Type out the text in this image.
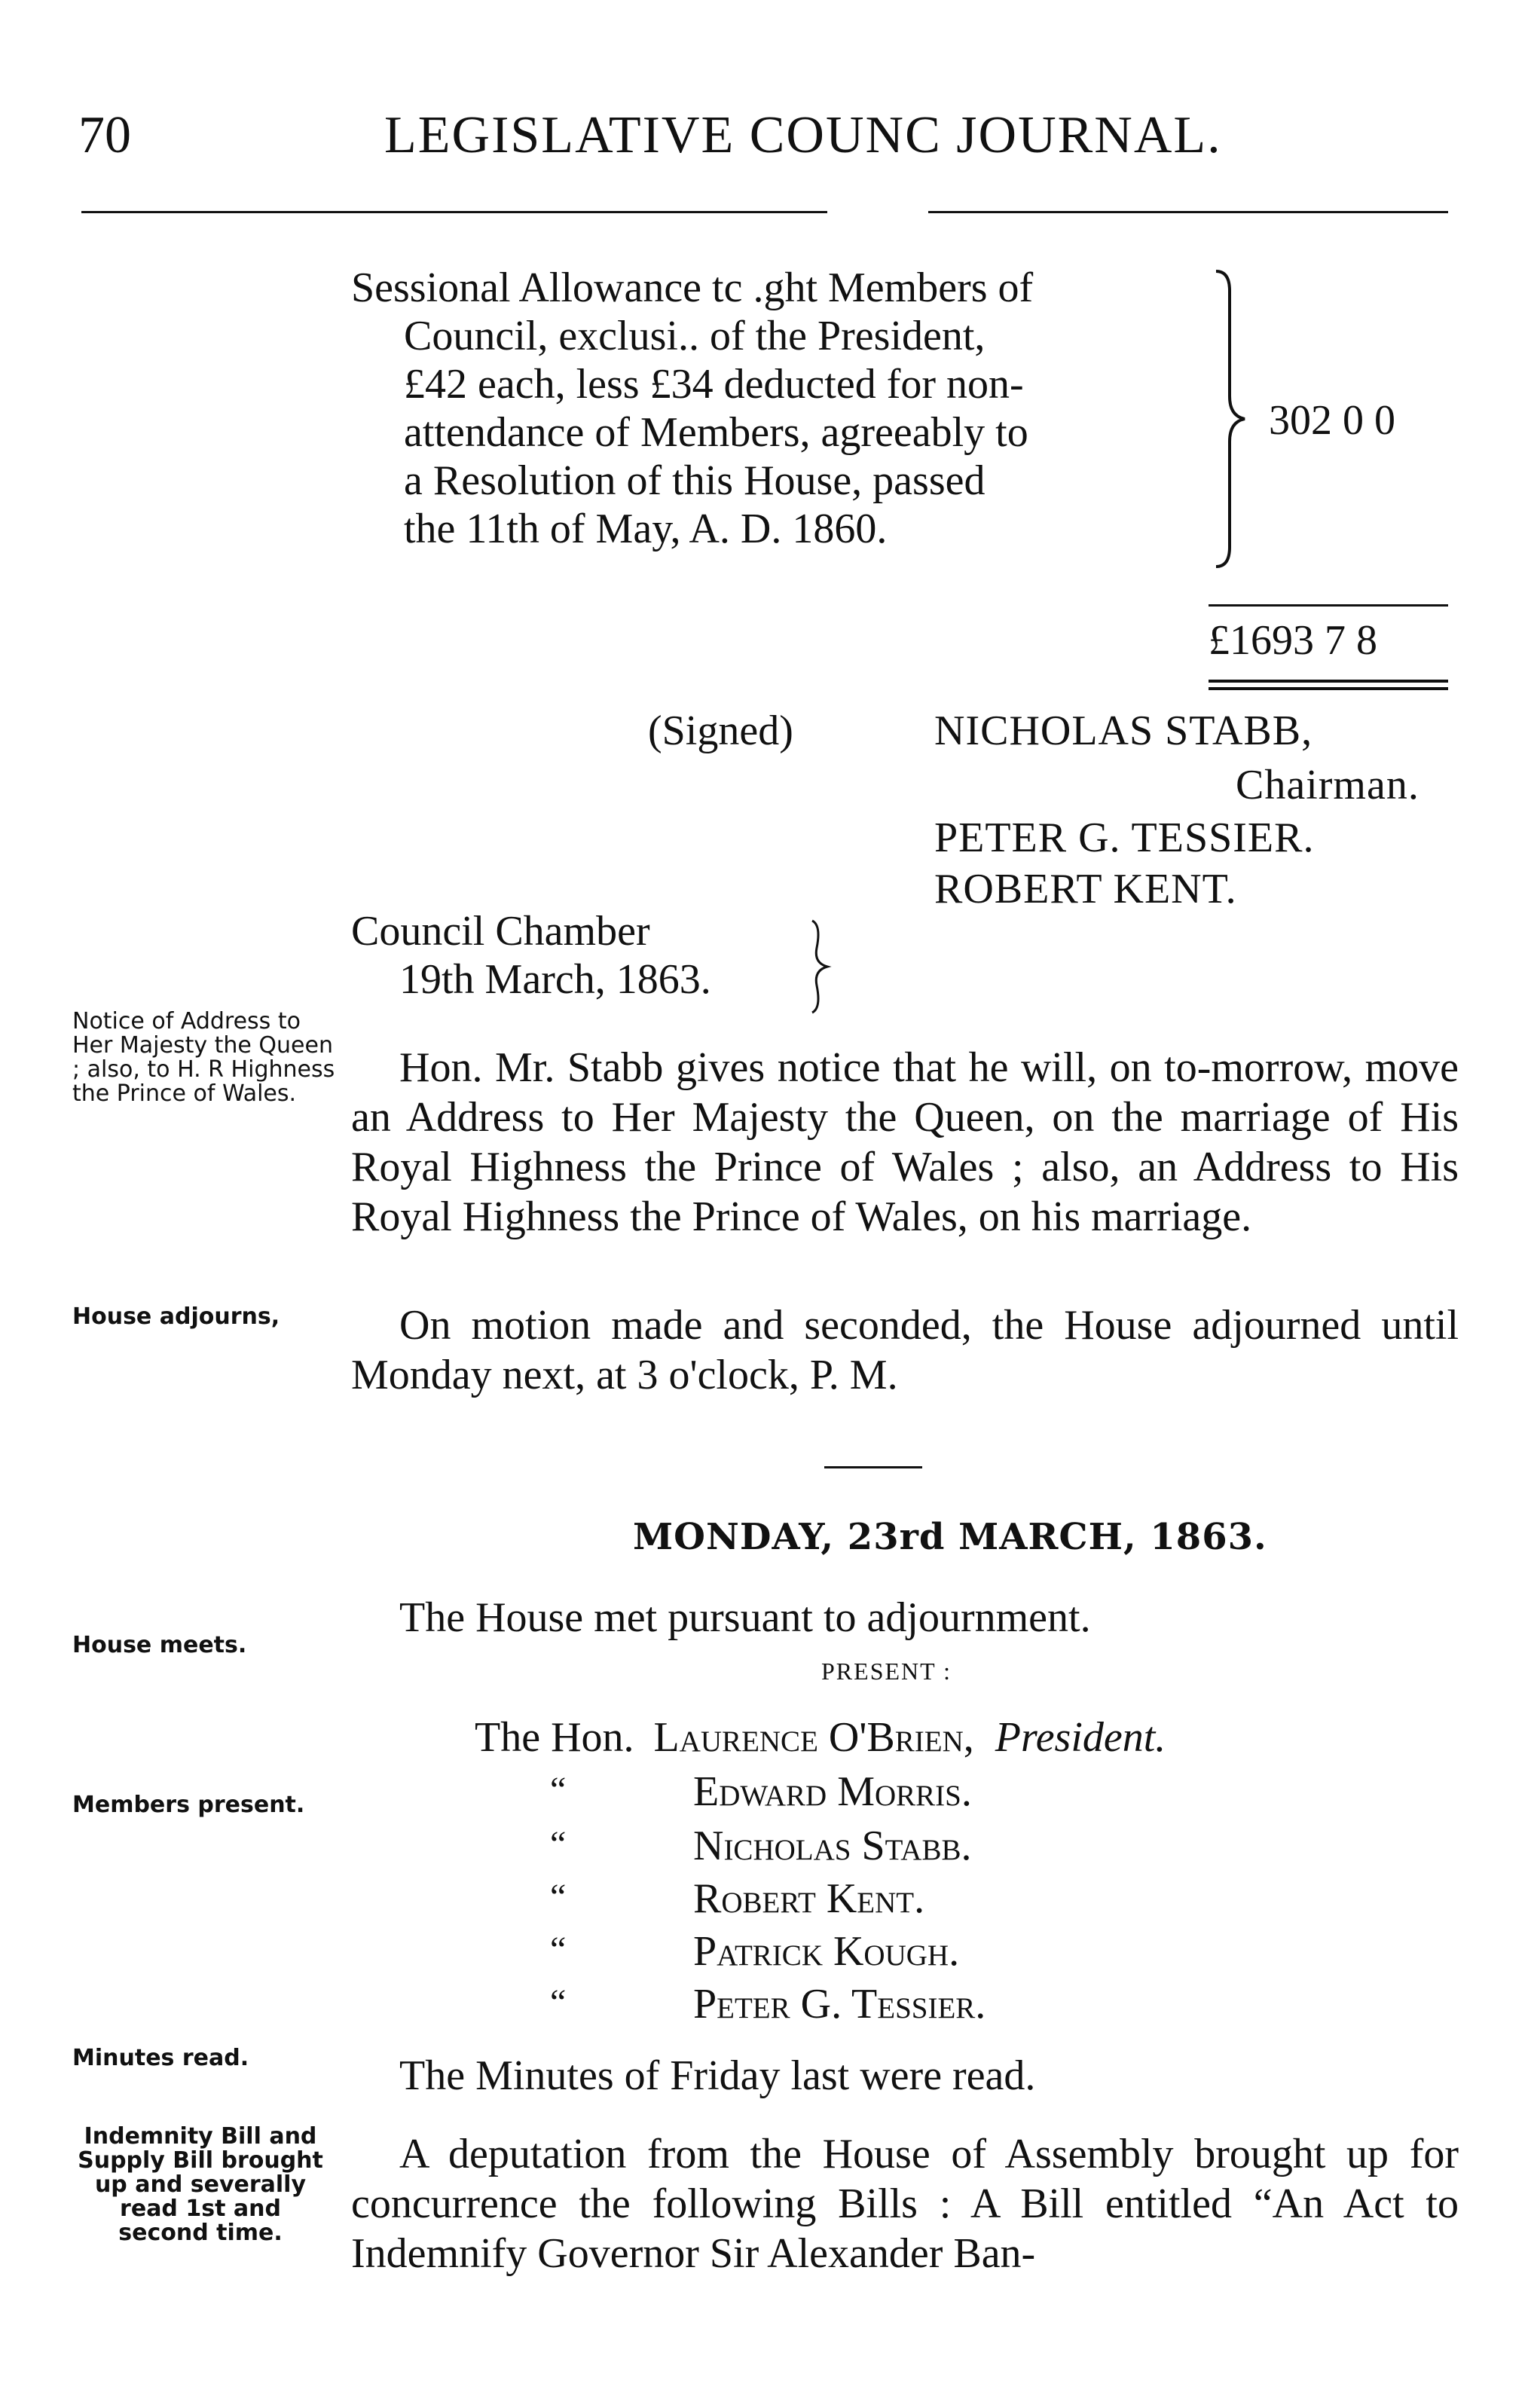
70	LEGISLATIVE COUNC JOURNAL.
Sessional Allowance tc .ght Members of
Council, exclusi.. of the President,
£42 each, less £34 deducted for non-
attendance of Members, agreeably to
a Resolution of this House, passed
the 11th of May, A. D. 1860.
302 0 0
£1693 7 8
(Signed)	NICHOLAS STABB,
Chairman.
PETER G. TESSIER.
ROBERT KENT.
Council Chamber
19th March, 1863.
Notice of Address to Her Majesty the Queen ; also, to H. R Highness the Prince of Wales.
House adjourns,
House meets.
Members present.
Minutes read.
Indemnity Bill and Supply Bill brought up and severally read 1st and second time.
Hon. Mr. Stabb gives notice that he will, on to-morrow, move an Address to Her Majesty the Queen, on the marriage of His Royal Highness the Prince of Wales ; also, an Address to His Royal Highness the Prince of Wales, on his marriage.
On motion made and seconded, the House adjourned until Monday next, at 3 o'clock, P. M.
MONDAY, 23rd MARCH, 1863.
The House met pursuant to adjournment.
PRESENT :
The Hon. Laurence O'Brien, President.
“	Edward Morris.
“	Nicholas Stabb.
“	Robert Kent.
“	Patrick Kough.
“	Peter G. Tessier.
The Minutes of Friday last were read.
A deputation from the House of Assembly brought up for concurrence the following Bills : A Bill entitled “An Act to Indemnify Governor Sir Alexander Ban-
